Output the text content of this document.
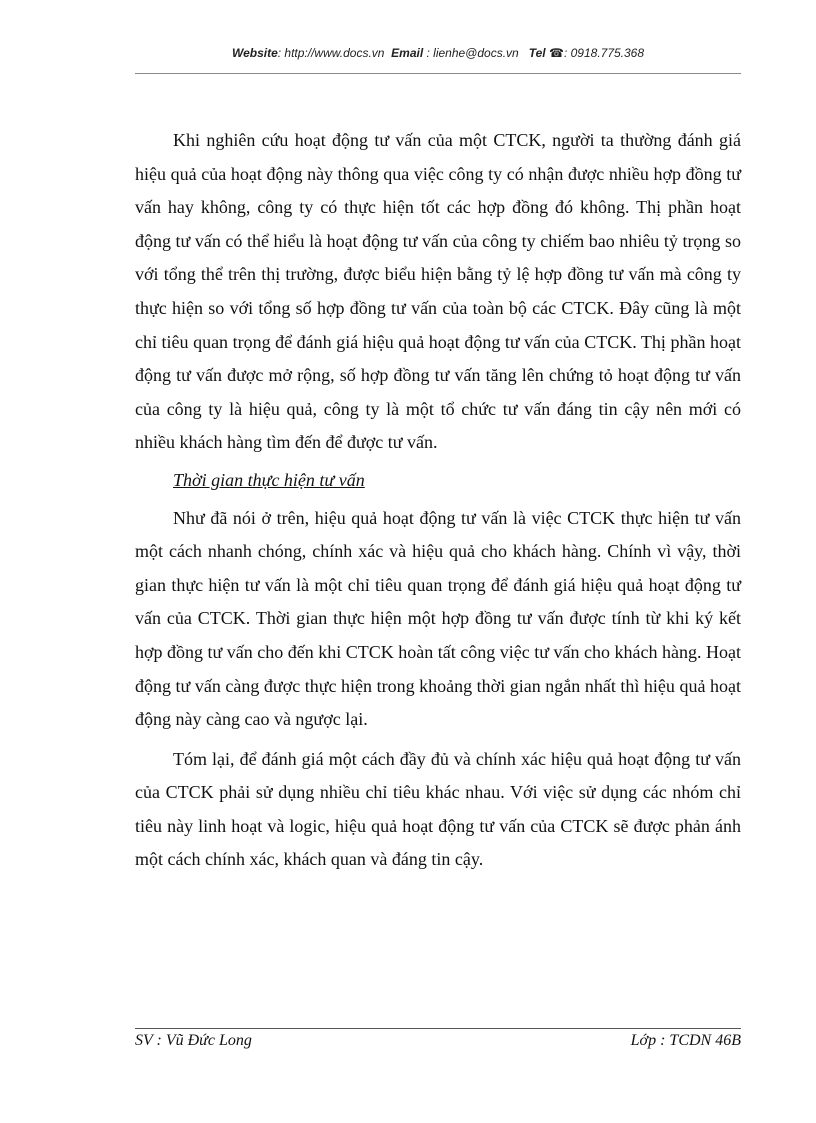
Website: http://www.docs.vn Email : lienhe@docs.vn Tel ☎: 0918.775.368

Khi nghiên cứu hoạt động tư vấn của một CTCK, người ta thường đánh giá hiệu quả của hoạt động này thông qua việc công ty có nhận được nhiều hợp đồng tư vấn hay không, công ty có thực hiện tốt các hợp đồng đó không. Thị phần hoạt động tư vấn có thể hiểu là hoạt động tư vấn của công ty chiếm bao nhiêu tỷ trọng so với tổng thể trên thị trường, được biểu hiện bằng tỷ lệ hợp đồng tư vấn mà công ty thực hiện so với tổng số hợp đồng tư vấn của toàn bộ các CTCK. Đây cũng là một chỉ tiêu quan trọng để đánh giá hiệu quả hoạt động tư vấn của CTCK. Thị phần hoạt động tư vấn được mở rộng, số hợp đồng tư vấn tăng lên chứng tỏ hoạt động tư vấn của công ty là hiệu quả, công ty là một tổ chức tư vấn đáng tin cậy nên mới có nhiều khách hàng tìm đến để được tư vấn.

Thời gian thực hiện tư vấn

Như đã nói ở trên, hiệu quả hoạt động tư vấn là việc CTCK thực hiện tư vấn một cách nhanh chóng, chính xác và hiệu quả cho khách hàng. Chính vì vậy, thời gian thực hiện tư vấn là một chỉ tiêu quan trọng để đánh giá hiệu quả hoạt động tư vấn của CTCK. Thời gian thực hiện một hợp đồng tư vấn được tính từ khi ký kết hợp đồng tư vấn cho đến khi CTCK hoàn tất công việc tư vấn cho khách hàng. Hoạt động tư vấn càng được thực hiện trong khoảng thời gian ngắn nhất thì hiệu quả hoạt động này càng cao và ngược lại.

Tóm lại, để đánh giá một cách đầy đủ và chính xác hiệu quả hoạt động tư vấn của CTCK phải sử dụng nhiều chỉ tiêu khác nhau. Với việc sử dụng các nhóm chỉ tiêu này linh hoạt và logic, hiệu quả hoạt động tư vấn của CTCK sẽ được phản ánh một cách chính xác, khách quan và đáng tin cậy.

SV : Vũ Đức Long	Lớp : TCDN 46B
